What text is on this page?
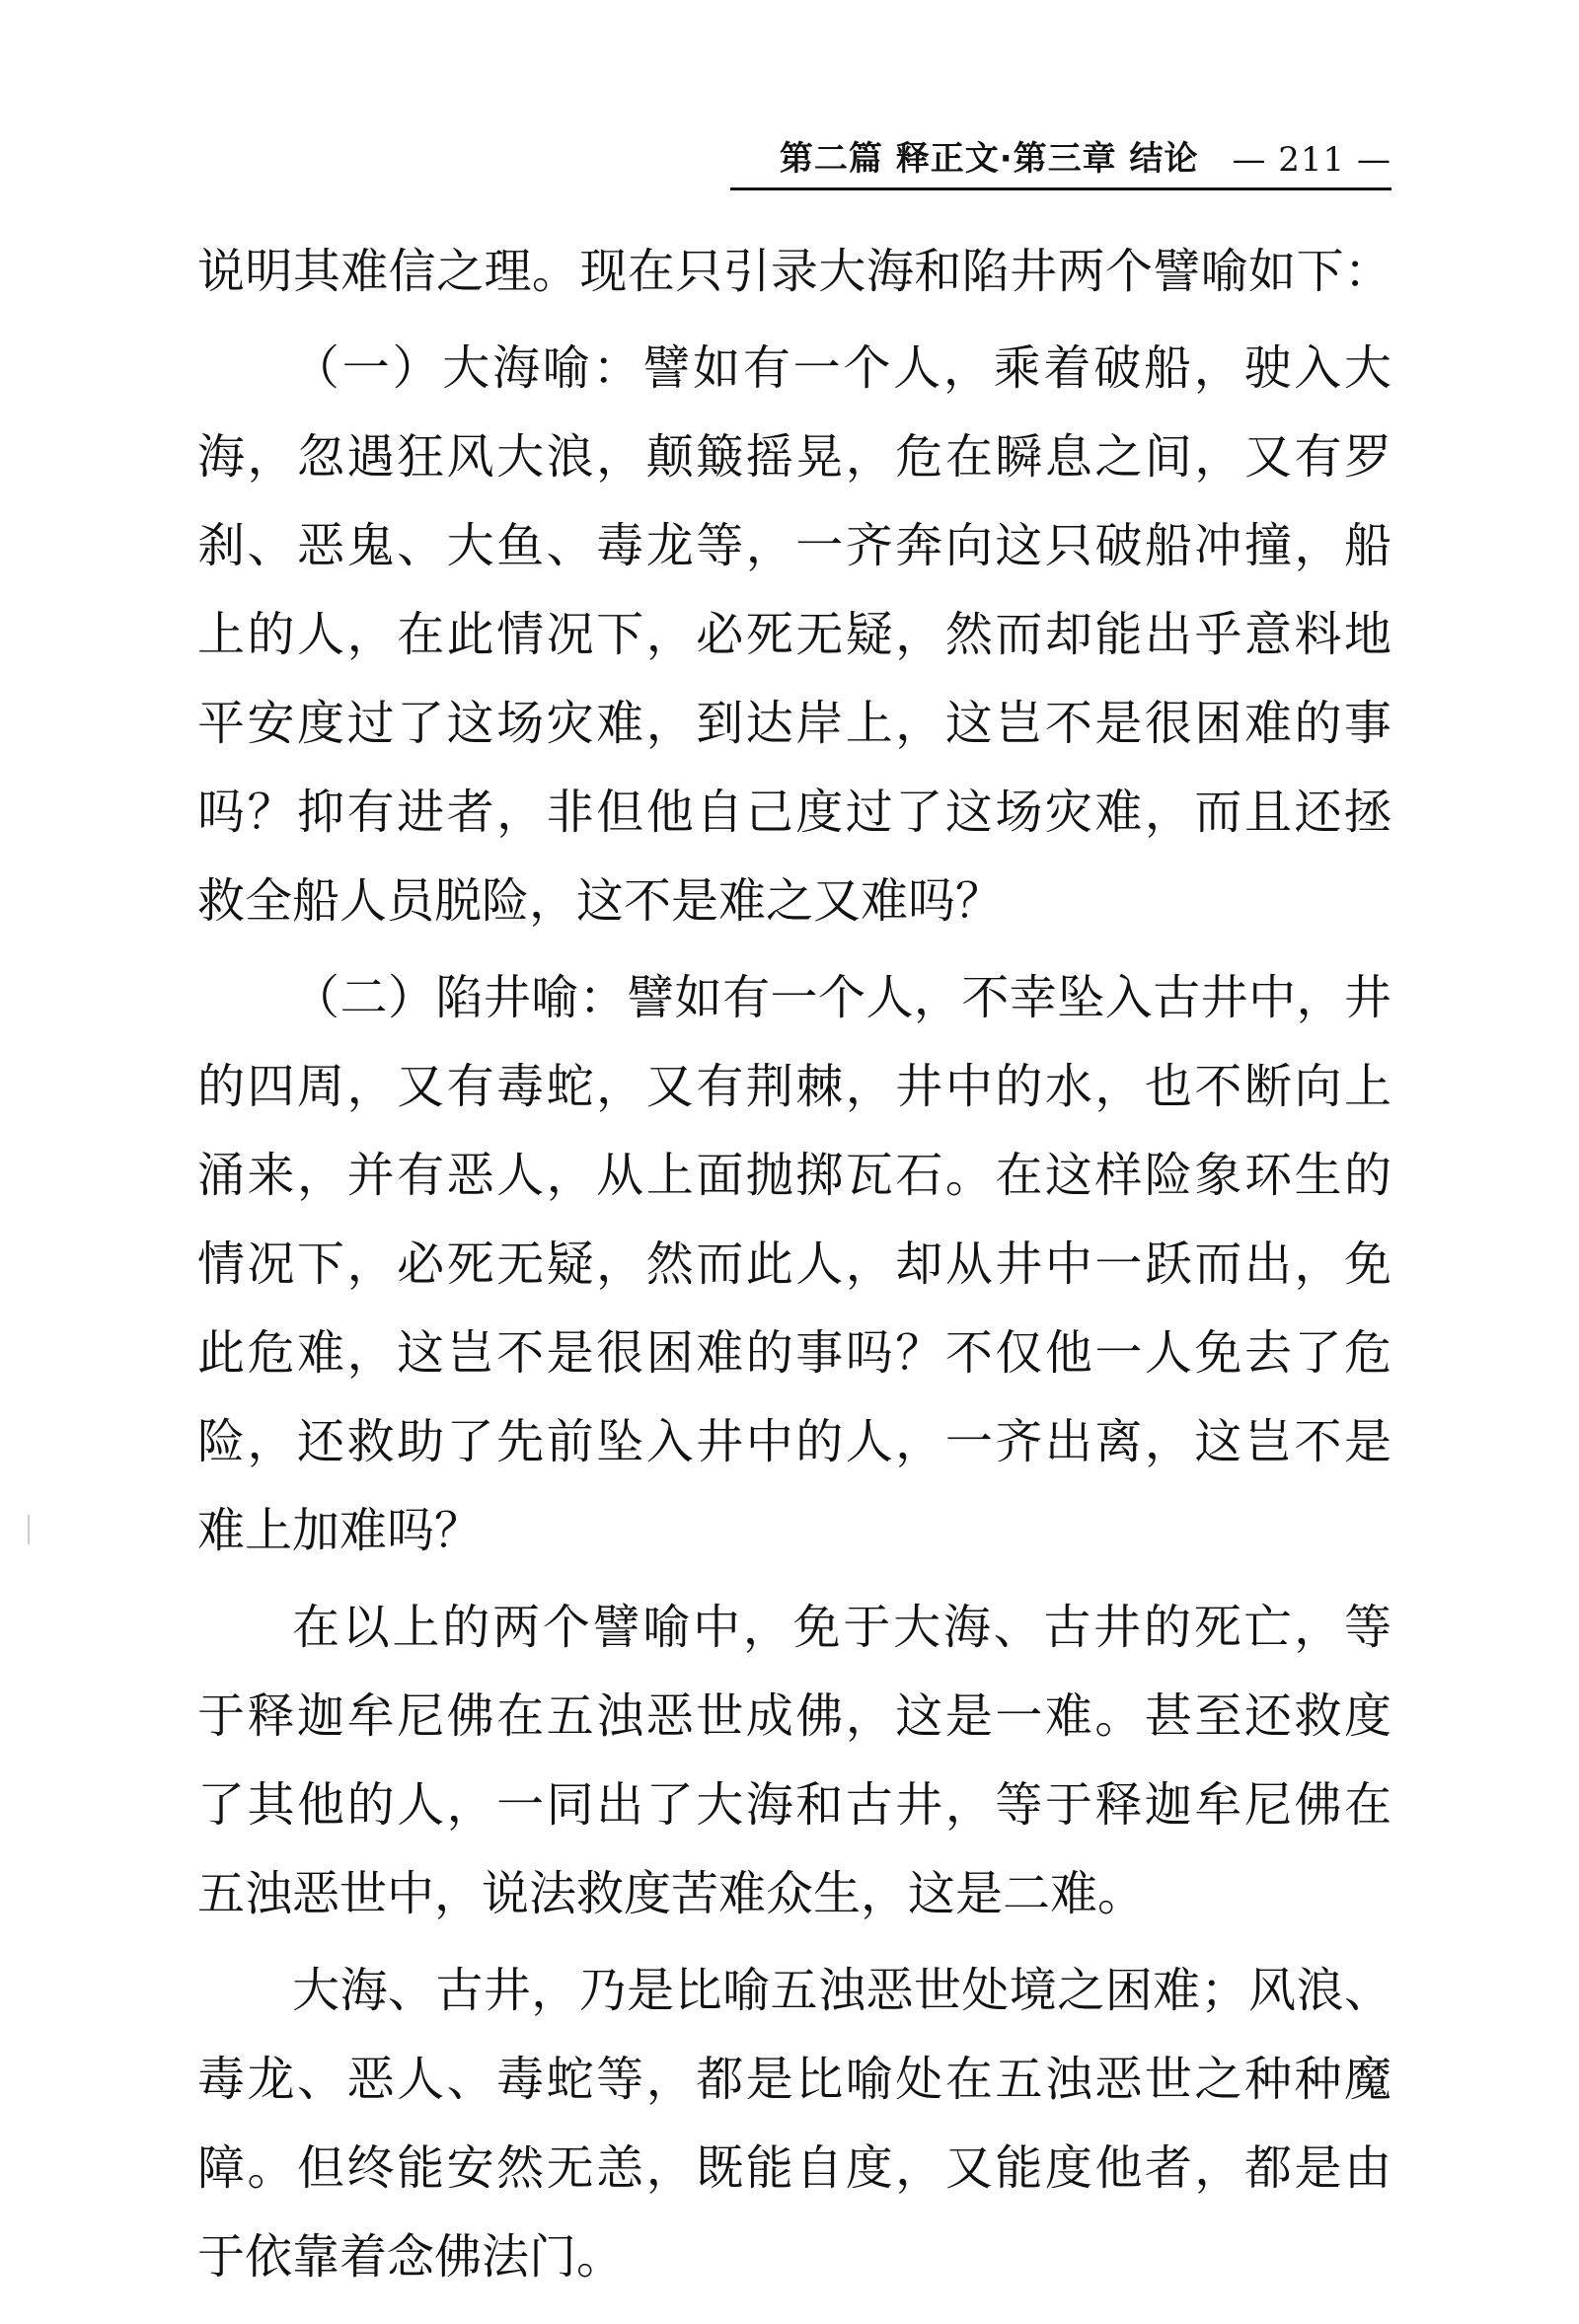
第二篇 释正文·第三章 结论 — 211 —
说明其难信之理。现在只引录大海和陷井两个譬喻如下：
（一）大海喻：譬如有一个人，乘着破船，驶入大
海，忽遇狂风大浪，颠簸摇晃，危在瞬息之间，又有罗
刹、恶鬼、大鱼、毒龙等，一齐奔向这只破船冲撞，船
上的人，在此情况下，必死无疑，然而却能出乎意料地
平安度过了这场灾难，到达岸上，这岂不是很困难的事
吗？抑有进者，非但他自己度过了这场灾难，而且还拯
救全船人员脱险，这不是难之又难吗？
（二）陷井喻：譬如有一个人，不幸坠入古井中，井
的四周，又有毒蛇，又有荆棘，井中的水，也不断向上
涌来，并有恶人，从上面抛掷瓦石。在这样险象环生的
情况下，必死无疑，然而此人，却从井中一跃而出，免
此危难，这岂不是很困难的事吗？不仅他一人免去了危
险，还救助了先前坠入井中的人，一齐出离，这岂不是
难上加难吗？
在以上的两个譬喻中，免于大海、古井的死亡，等
于释迦牟尼佛在五浊恶世成佛，这是一难。甚至还救度
了其他的人，一同出了大海和古井，等于释迦牟尼佛在
五浊恶世中，说法救度苦难众生，这是二难。
大海、古井，乃是比喻五浊恶世处境之困难；风浪、
毒龙、恶人、毒蛇等，都是比喻处在五浊恶世之种种魔
障。但终能安然无恙，既能自度，又能度他者，都是由
于依靠着念佛法门。
